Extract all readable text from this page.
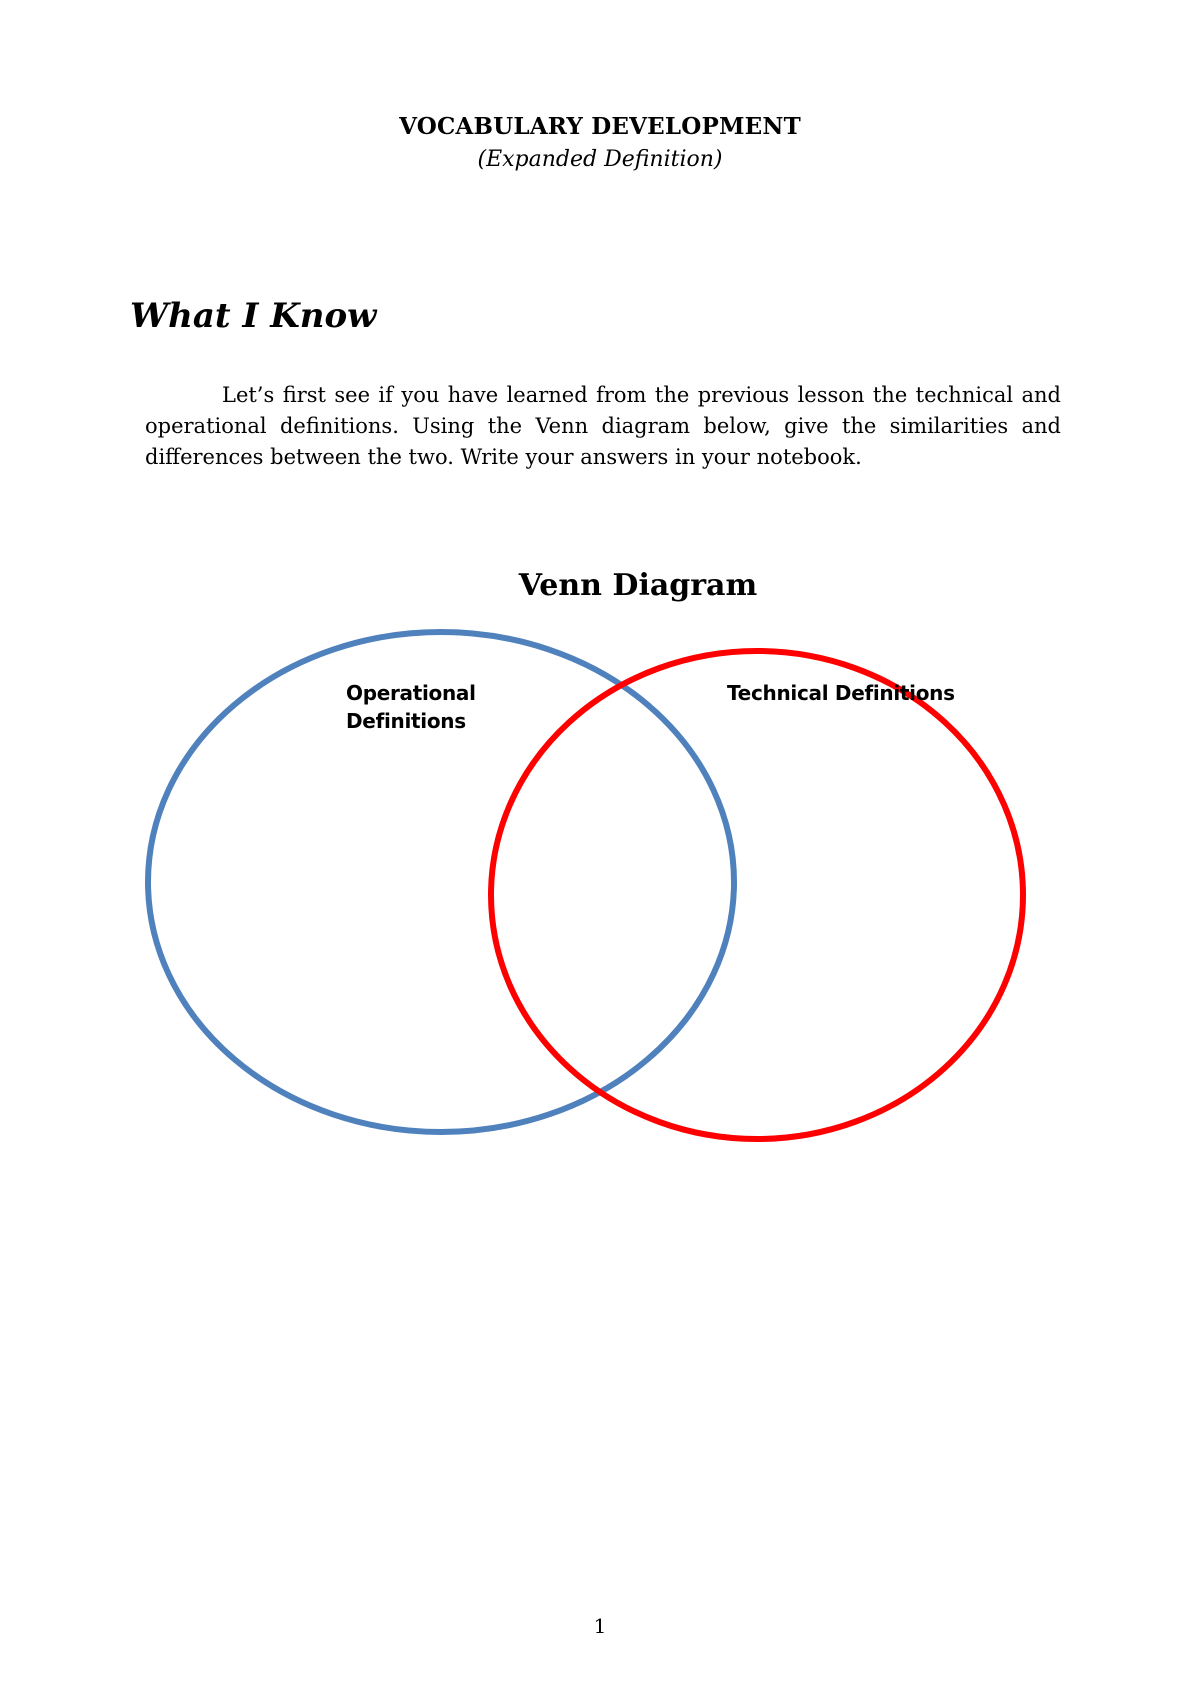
VOCABULARY DEVELOPMENT

(Expanded Definition)

What I Know

Let’s first see if you have learned from the previous lesson the technical and operational definitions. Using the Venn diagram below, give the similarities and differences between the two. Write your answers in your notebook.

Venn Diagram
Operational
Definitions
Technical Definitions

1
